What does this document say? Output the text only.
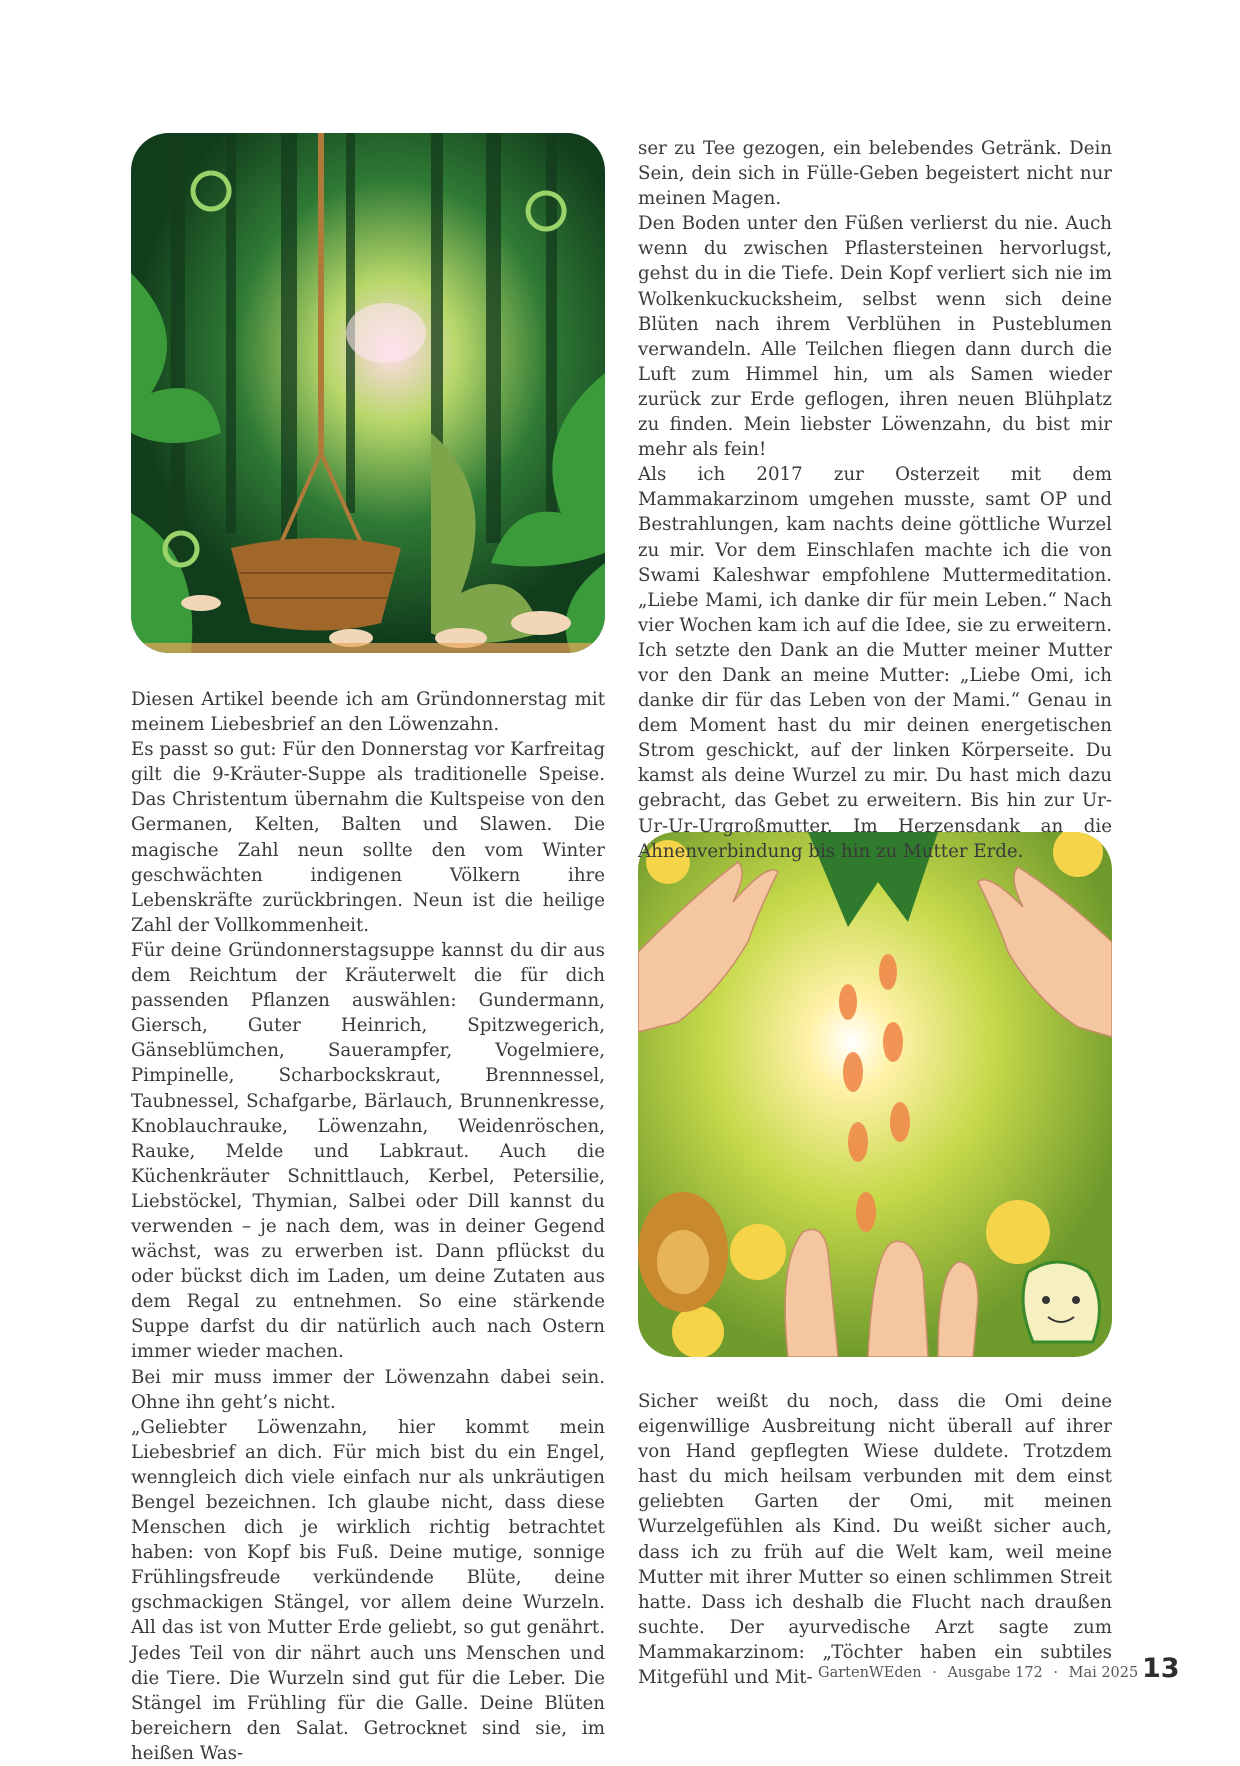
Diesen Artikel beende ich am Gründonnerstag mit meinem Liebesbrief an den Löwenzahn.

Es passt so gut: Für den Donnerstag vor Karfreitag gilt die 9-Kräuter-Suppe als traditionelle Speise. Das Christentum übernahm die Kultspeise von den Germanen, Kelten, Balten und Slawen. Die magische Zahl neun sollte den vom Winter geschwächten indigenen Völkern ihre Lebenskräfte zurückbringen. Neun ist die heilige Zahl der Vollkommenheit.

Für deine Gründonnerstagsuppe kannst du dir aus dem Reichtum der Kräuterwelt die für dich passenden Pflanzen auswählen: Gundermann, Giersch, Guter Heinrich, Spitzwegerich, Gänseblümchen, Sauerampfer, Vogelmiere, Pimpinelle, Scharbockskraut, Brennnessel, Taubnessel, Schafgarbe, Bärlauch, Brunnenkresse, Knoblauchrauke, Löwenzahn, Weidenröschen, Rauke, Melde und Labkraut. Auch die Küchenkräuter Schnittlauch, Kerbel, Petersilie, Liebstöckel, Thymian, Salbei oder Dill kannst du verwenden – je nach dem, was in deiner Gegend wächst, was zu erwerben ist. Dann pflückst du oder bückst dich im Laden, um deine Zutaten aus dem Regal zu entnehmen. So eine stärkende Suppe darfst du dir natürlich auch nach Ostern immer wieder machen.

Bei mir muss immer der Löwenzahn dabei sein. Ohne ihn geht’s nicht.

„Geliebter Löwenzahn, hier kommt mein Liebesbrief an dich. Für mich bist du ein Engel, wenngleich dich viele einfach nur als unkräutigen Bengel bezeichnen. Ich glaube nicht, dass diese Menschen dich je wirklich richtig betrachtet haben: von Kopf bis Fuß. Deine mutige, sonnige Frühlingsfreude verkündende Blüte, deine gschmackigen Stängel, vor allem deine Wurzeln. All das ist von Mutter Erde geliebt, so gut genährt. Jedes Teil von dir nährt auch uns Menschen und die Tiere. Die Wurzeln sind gut für die Leber. Die Stängel im Frühling für die Galle. Deine Blüten bereichern den Salat. Getrocknet sind sie, im heißen Was-

ser zu Tee gezogen, ein belebendes Getränk. Dein Sein, dein sich in Fülle-Geben begeistert nicht nur meinen Magen.

Den Boden unter den Füßen verlierst du nie. Auch wenn du zwischen Pflastersteinen hervorlugst, gehst du in die Tiefe. Dein Kopf verliert sich nie im Wolkenkuckucksheim, selbst wenn sich deine Blüten nach ihrem Verblühen in Pusteblumen verwandeln. Alle Teilchen fliegen dann durch die Luft zum Himmel hin, um als Samen wieder zurück zur Erde geflogen, ihren neuen Blühplatz zu finden. Mein liebster Löwenzahn, du bist mir mehr als fein!

Als ich 2017 zur Osterzeit mit dem Mammakarzinom umgehen musste, samt OP und Bestrahlungen, kam nachts deine göttliche Wurzel zu mir. Vor dem Einschlafen machte ich die von Swami Kaleshwar empfohlene Muttermeditation. „Liebe Mami, ich danke dir für mein Leben.“ Nach vier Wochen kam ich auf die Idee, sie zu erweitern. Ich setzte den Dank an die Mutter meiner Mutter vor den Dank an meine Mutter: „Liebe Omi, ich danke dir für das Leben von der Mami.“ Genau in dem Moment hast du mir deinen energetischen Strom geschickt, auf der linken Körperseite. Du kamst als deine Wurzel zu mir. Du hast mich dazu gebracht, das Gebet zu erweitern. Bis hin zur Ur-Ur-Ur-Urgroßmutter. Im Herzensdank an die Ahnenverbindung bis hin zu Mutter Erde.

Sicher weißt du noch, dass die Omi deine eigenwillige Ausbreitung nicht überall auf ihrer von Hand gepflegten Wiese duldete. Trotzdem hast du mich heilsam verbunden mit dem einst geliebten Garten der Omi, mit meinen Wurzelgefühlen als Kind. Du weißt sicher auch, dass ich zu früh auf die Welt kam, weil meine Mutter mit ihrer Mutter so einen schlimmen Streit hatte. Dass ich deshalb die Flucht nach draußen suchte. Der ayurvedische Arzt sagte zum Mammakarzinom: „Töchter haben ein subtiles Mitgefühl und Mit- GartenWEden · Ausgabe 172 · Mai 2025 13
